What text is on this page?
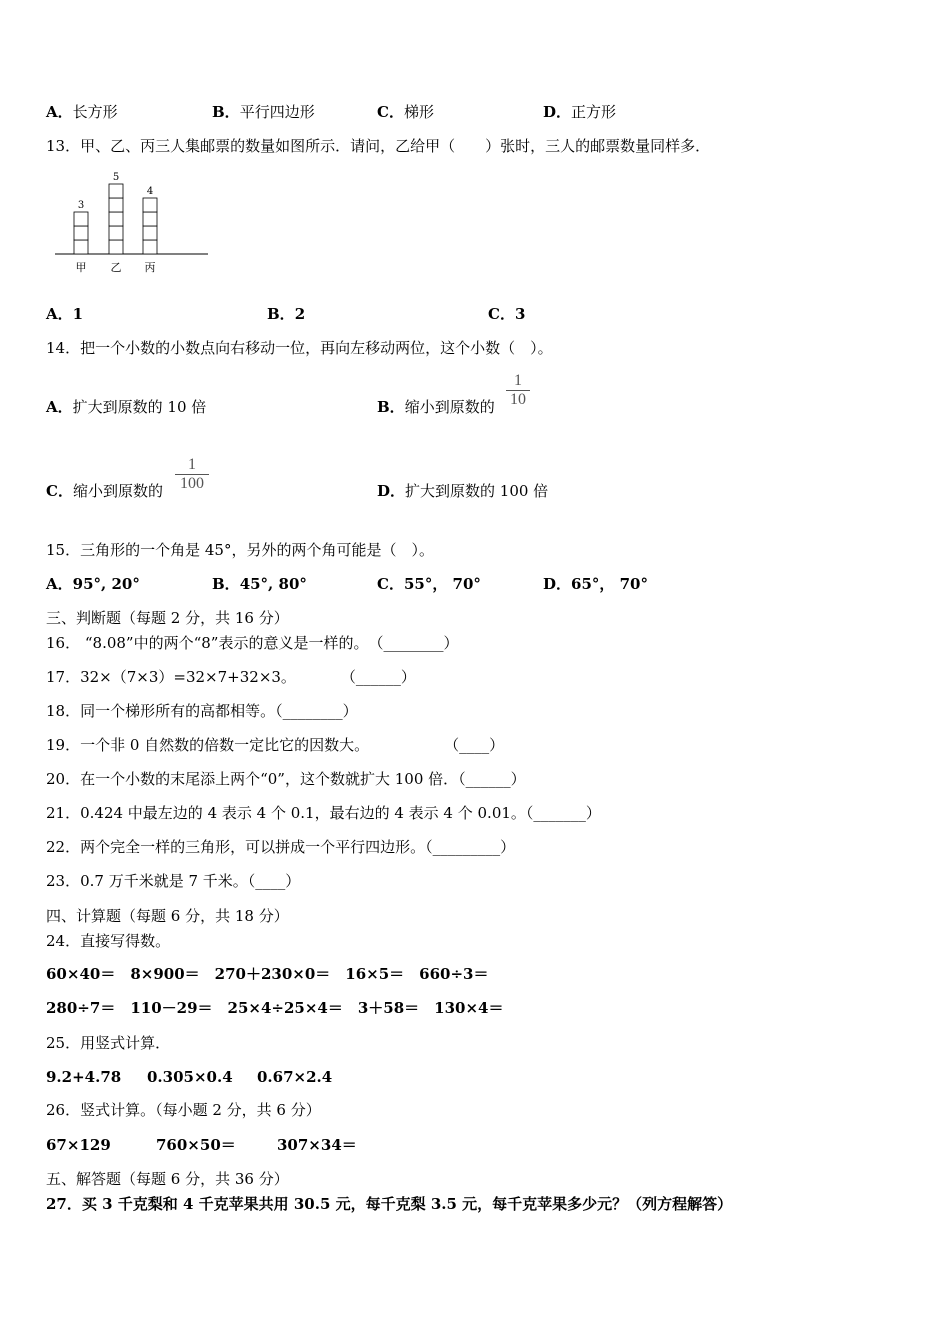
A．长方形	B．平行四边形	C．梯形	D．正方形
13．甲、乙、丙三人集邮票的数量如图所示．请问，乙给甲（　　）张时，三人的邮票数量同样多．
3
甲
5
乙
4
丙
A．1	B．2	C．3
14．把一个小数的小数点向右移动一位，再向左移动两位，这个小数（　）。
A．扩大到原数的 10 倍	B．缩小到原数的 $\frac{1}{10}$
C．缩小到原数的 $\frac{1}{100}$	D．扩大到原数的 100 倍
15．三角形的一个角是 45°，另外的两个角可能是（　）。
A．95°, 20°	B．45°, 80°	C．55°， 70°	D．65°， 70°
三、判断题（每题 2 分，共 16 分）
16． “8.08”中的两个“8”表示的意义是一样的。　（________）
17．32×（7×3）=32×7+32×3。　　　　（______）
18．同一个梯形所有的高都相等。（________）
19．一个非 0 自然数的倍数一定比它的因数大。　　　　　　（____）
20．在一个小数的末尾添上两个“0”，这个数就扩大 100 倍．（______）
21．0.424 中最左边的 4 表示 4 个 0.1，最右边的 4 表示 4 个 0.01。（_______）
22．两个完全一样的三角形，可以拼成一个平行四边形。（_________）
23．0.7 万千米就是 7 千米。（____）
四、计算题（每题 6 分，共 18 分）
24．直接写得数。
60×40＝　8×900＝　270＋230×0＝　16×5＝　660÷3＝
280÷7＝　110－29＝　25×4÷25×4＝　3＋58＝　130×4＝
25．用竖式计算．
9.2+4.78 0.305×0.4 0.67×2.4
26．竖式计算。（每小题 2 分，共 6 分）
67×129	760×50＝	307×34＝
五、解答题（每题 6 分，共 36 分）
27．买 3 千克梨和 4 千克苹果共用 30.5 元，每千克梨 3.5 元，每千克苹果多少元？（列方程解答）
